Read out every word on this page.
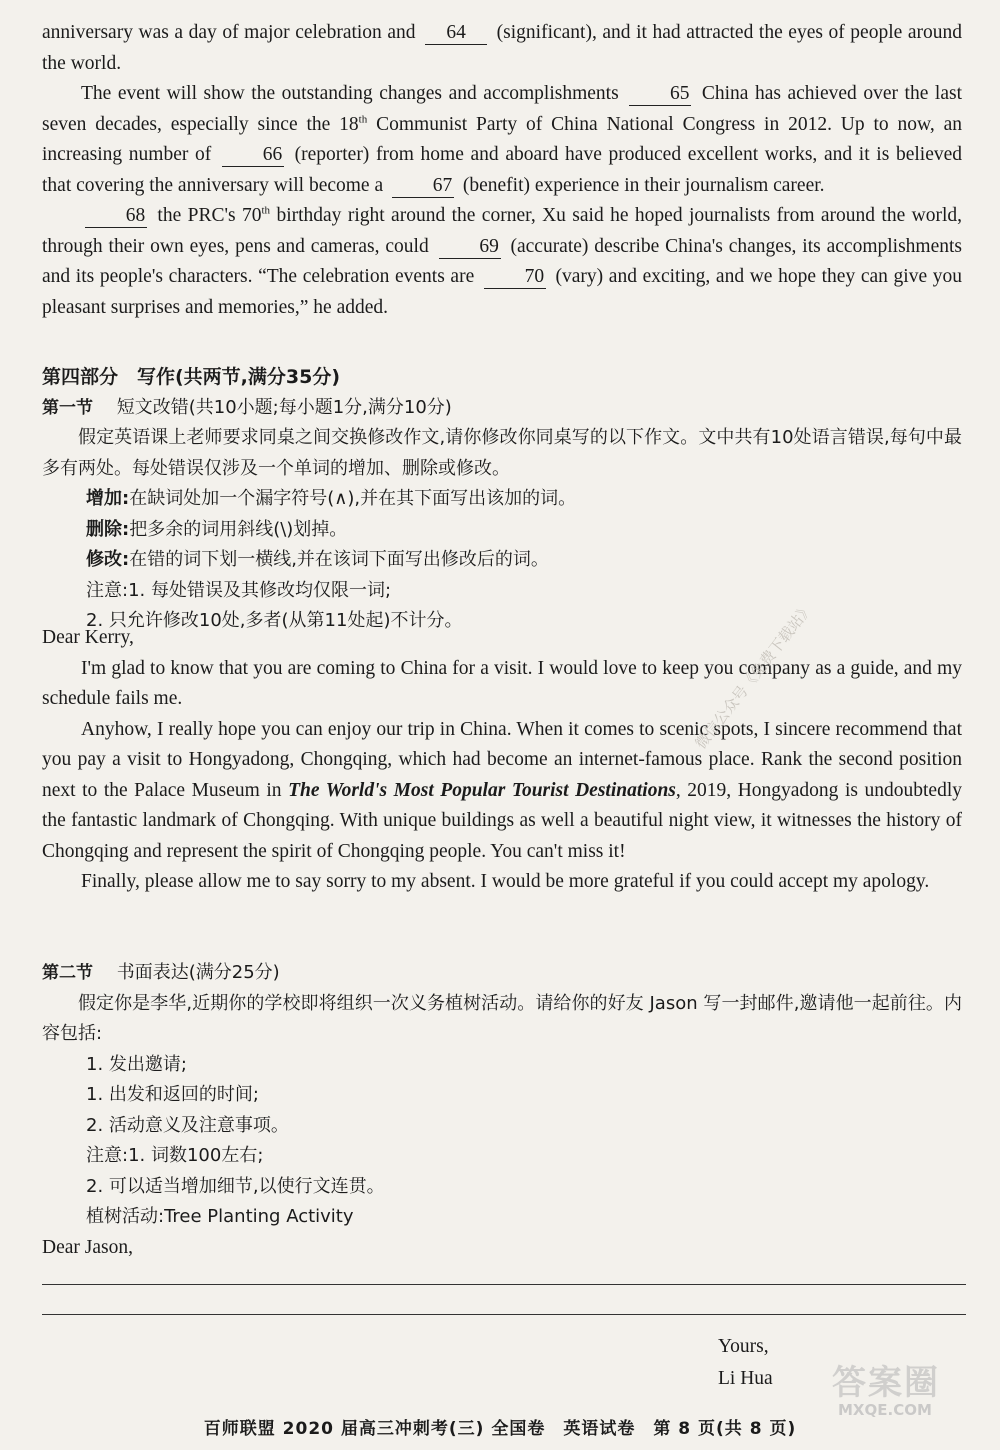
anniversary was a day of major celebration and 64 (significant), and it had attracted the eyes of people around the world.

The event will show the outstanding changes and accomplishments	65 China has achieved over the last seven decades, especially since the 18th Communist Party of China National Congress in 2012. Up to now, an increasing number of	66 (reporter) from home and aboard have produced excellent works, and it is believed that covering the anniversary will become a	67 (benefit) experience in their journalism career.

68 the PRC's 70th birthday right around the corner, Xu said he hoped journalists from around the world, through their own eyes, pens and cameras, could	69 (accurate) describe China's changes, its accomplishments and its people's characters. “The celebration events are	70 (vary) and exciting, and we hope they can give you pleasant surprises and memories,” he added.

第四部分　写作(共两节,满分35分)

第一节 短文改错(共10小题;每小题1分,满分10分)

假定英语课上老师要求同桌之间交换修改作文,请你修改你同桌写的以下作文。文中共有10处语言错误,每句中最多有两处。每处错误仅涉及一个单词的增加、删除或修改。

增加:在缺词处加一个漏字符号(∧),并在其下面写出该加的词。

删除:把多余的词用斜线(\)划掉。

修改:在错的词下划一横线,并在该词下面写出修改后的词。

注意:1. 每处错误及其修改均仅限一词;

2. 只允许修改10处,多者(从第11处起)不计分。

Dear Kerry,

I'm glad to know that you are coming to China for a visit. I would love to keep you company as a guide, and my schedule fails me.

Anyhow, I really hope you can enjoy our trip in China. When it comes to scenic spots, I sincere recommend that you pay a visit to Hongyadong, Chongqing, which had become an internet-famous place. Rank the second position next to the Palace Museum in The World's Most Popular Tourist Destinations, 2019, Hongyadong is undoubtedly the fantastic landmark of Chongqing. With unique buildings as well a beautiful night view, it witnesses the history of Chongqing and represent the spirit of Chongqing people. You can't miss it!

Finally, please allow me to say sorry to my absent. I would be more grateful if you could accept my apology.

第二节 书面表达(满分25分)

假定你是李华,近期你的学校即将组织一次义务植树活动。请给你的好友 Jason 写一封邮件,邀请他一起前往。内容包括:

1. 发出邀请;

1. 出发和返回的时间;

2. 活动意义及注意事项。

注意:1. 词数100左右;

2. 可以适当增加细节,以使行文连贯。

植树活动:Tree Planting Activity

Dear Jason,

Yours,
Li Hua
百师联盟 2020 届高三冲刺考(三) 全国卷　英语试卷　第 8 页(共 8 页)
微信公众号《免费下载站》
答案圈
MXQE.COM
